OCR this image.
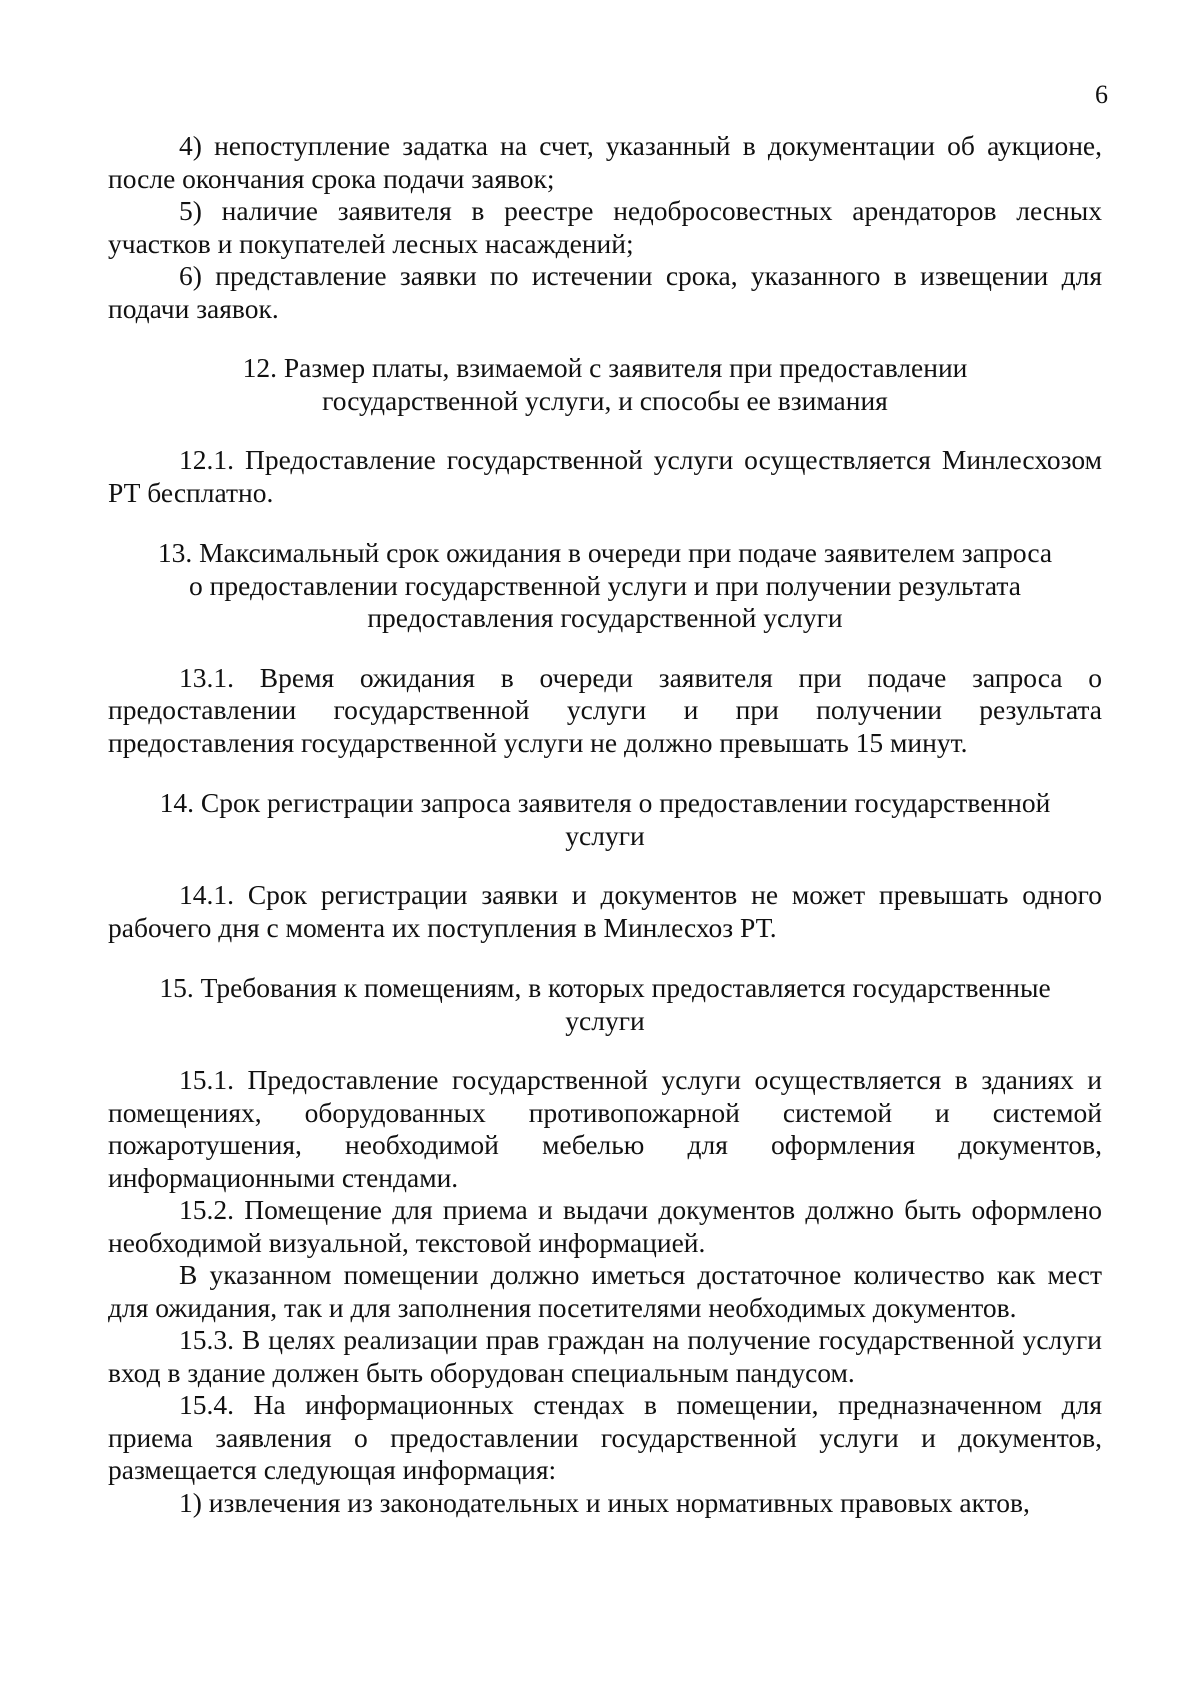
6

4) непоступление задатка на счет, указанный в документации об аукционе, после окончания срока подачи заявок;

5) наличие заявителя в реестре недобросовестных арендаторов лесных участков и покупателей лесных насаждений;

6) представление заявки по истечении срока, указанного в извещении для подачи заявок.

12. Размер платы, взимаемой с заявителя при предоставлении
государственной услуги, и способы ее взимания

12.1. Предоставление государственной услуги осуществляется Минлесхозом РТ бесплатно.

13. Максимальный срок ожидания в очереди при подаче заявителем запроса
о предоставлении государственной услуги и при получении результата
предоставления государственной услуги

13.1. Время ожидания в очереди заявителя при подаче запроса о предоставлении государственной услуги и при получении результата предоставления государственной услуги не должно превышать 15 минут.

14. Срок регистрации запроса заявителя о предоставлении государственной
услуги

14.1. Срок регистрации заявки и документов не может превышать одного рабочего дня с момента их поступления в Минлесхоз РТ.

15. Требования к помещениям, в которых предоставляется государственные
услуги

15.1. Предоставление государственной услуги осуществляется в зданиях и помещениях, оборудованных противопожарной системой и системой пожаротушения, необходимой мебелью для оформления документов, информационными стендами.

15.2. Помещение для приема и выдачи документов должно быть оформлено необходимой визуальной, текстовой информацией.

В указанном помещении должно иметься достаточное количество как мест для ожидания, так и для заполнения посетителями необходимых документов.

15.3. В целях реализации прав граждан на получение государственной услуги вход в здание должен быть оборудован специальным пандусом.

15.4. На информационных стендах в помещении, предназначенном для приема заявления о предоставлении государственной услуги и документов, размещается следующая информация:

1) извлечения из законодательных и иных нормативных правовых актов,
